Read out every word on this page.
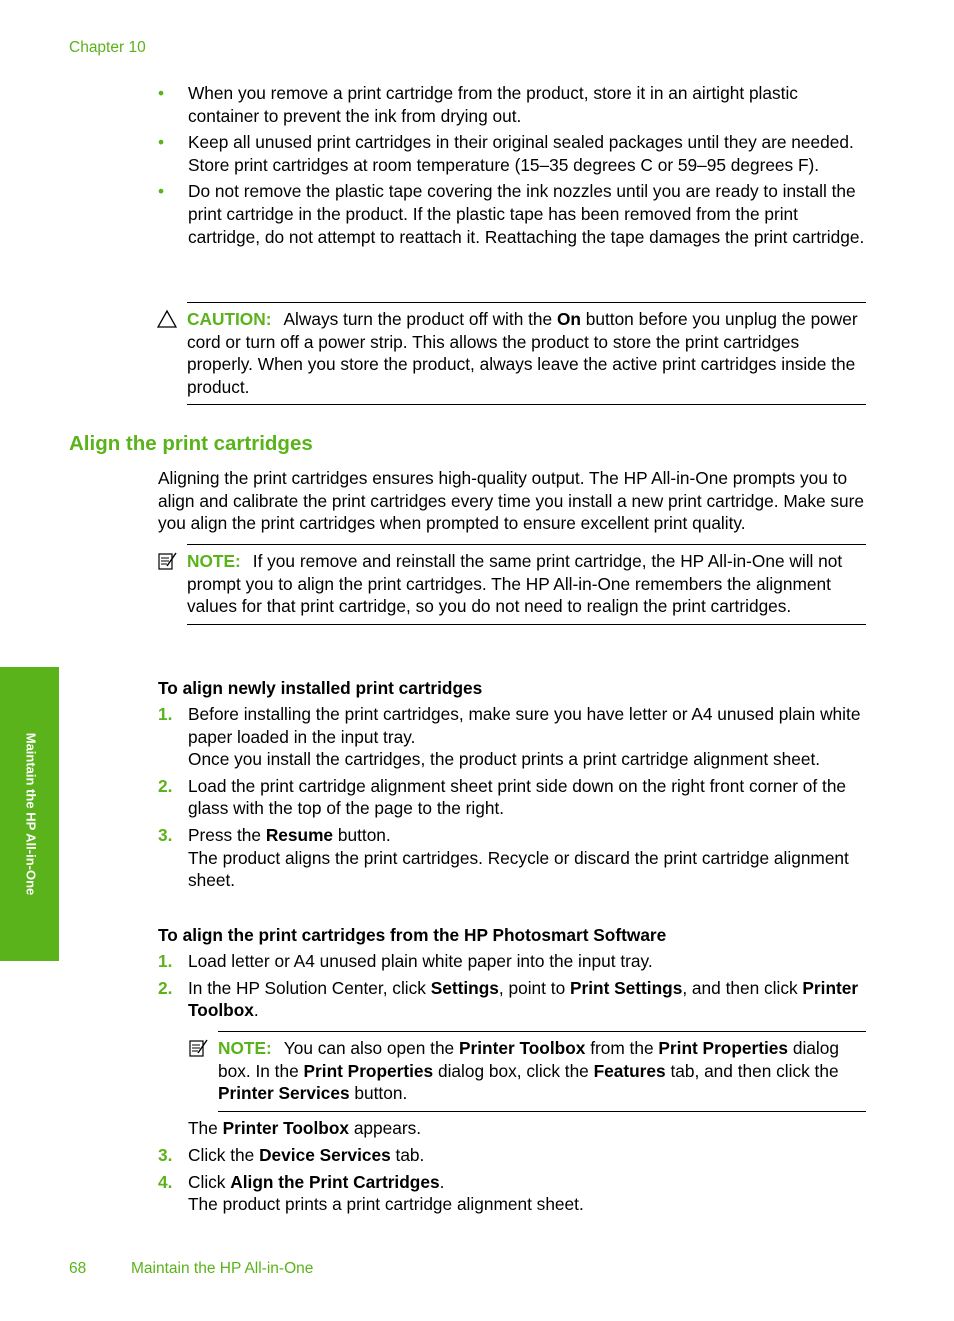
Chapter 10
• When you remove a print cartridge from the product, store it in an airtight plastic container to prevent the ink from drying out.
• Keep all unused print cartridges in their original sealed packages until they are needed. Store print cartridges at room temperature (15–35 degrees C or 59–95 degrees F).
• Do not remove the plastic tape covering the ink nozzles until you are ready to install the print cartridge in the product. If the plastic tape has been removed from the print cartridge, do not attempt to reattach it. Reattaching the tape damages the print cartridge.
CAUTION: Always turn the product off with the On button before you unplug the power cord or turn off a power strip. This allows the product to store the print cartridges properly. When you store the product, always leave the active print cartridges inside the product.
Align the print cartridges
Aligning the print cartridges ensures high-quality output. The HP All-in-One prompts you to align and calibrate the print cartridges every time you install a new print cartridge. Make sure you align the print cartridges when prompted to ensure excellent print quality.
NOTE: If you remove and reinstall the same print cartridge, the HP All-in-One will not prompt you to align the print cartridges. The HP All-in-One remembers the alignment values for that print cartridge, so you do not need to realign the print cartridges.
To align newly installed print cartridges
1. Before installing the print cartridges, make sure you have letter or A4 unused plain white paper loaded in the input tray.
Once you install the cartridges, the product prints a print cartridge alignment sheet.
2. Load the print cartridge alignment sheet print side down on the right front corner of the glass with the top of the page to the right.
3. Press the Resume button.
The product aligns the print cartridges. Recycle or discard the print cartridge alignment sheet.
To align the print cartridges from the HP Photosmart Software
1. Load letter or A4 unused plain white paper into the input tray.
2. In the HP Solution Center, click Settings, point to Print Settings, and then click Printer Toolbox.
NOTE: You can also open the Printer Toolbox from the Print Properties dialog box. In the Print Properties dialog box, click the Features tab, and then click the Printer Services button.
The Printer Toolbox appears.
3. Click the Device Services tab.
4. Click Align the Print Cartridges.
The product prints a print cartridge alignment sheet.
Maintain the HP All-in-One
68	Maintain the HP All-in-One
